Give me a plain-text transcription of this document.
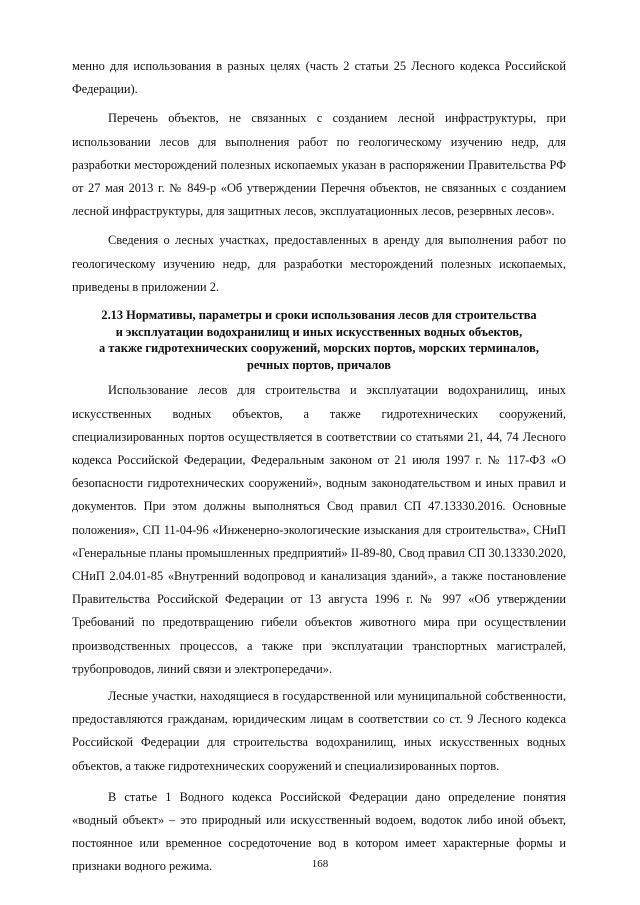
менно для использования в разных целях (часть 2 статьи 25 Лесного кодекса Российской Федерации).

Перечень объектов, не связанных с созданием лесной инфраструктуры, при использовании лесов для выполнения работ по геологическому изучению недр, для разработки месторождений полезных ископаемых указан в распоряжении Правительства РФ от 27 мая 2013 г. № 849-р «Об утверждении Перечня объектов, не связанных с созданием лесной инфраструктуры, для защитных лесов, эксплуатационных лесов, резервных лесов».

Сведения о лесных участках, предоставленных в аренду для выполнения работ по геологическому изучению недр, для разработки месторождений полезных ископаемых, приведены в приложении 2.

2.13 Нормативы, параметры и сроки использования лесов для строительства
и эксплуатации водохранилищ и иных искусственных водных объектов,
а также гидротехнических сооружений, морских портов, морских терминалов,
речных портов, причалов

Использование лесов для строительства и эксплуатации водохранилищ, иных искусственных водных объектов, а также гидротехнических сооружений, специализированных портов осуществляется в соответствии со статьями 21, 44, 74 Лесного кодекса Российской Федерации, Федеральным законом от 21 июля 1997 г. № 117-ФЗ «О безопасности гидротехнических сооружений», водным законодательством и иных правил и документов. При этом должны выполняться Свод правил СП 47.13330.2016. Основные положения», СП 11-04-96 «Инженерно-экологические изыскания для строительства», СНиП «Генеральные планы промышленных предприятий» II-89-80, Свод правил СП 30.13330.2020, СНиП 2.04.01-85 «Внутренний водопровод и канализация зданий», а также постановление Правительства Российской Федерации от 13 августа 1996 г. № 997 «Об утверждении Требований по предотвращению гибели объектов животного мира при осуществлении производственных процессов, а также при эксплуатации транспортных магистралей, трубопроводов, линий связи и электропередачи».

Лесные участки, находящиеся в государственной или муниципальной собственности, предоставляются гражданам, юридическим лицам в соответствии со ст. 9 Лесного кодекса Российской Федерации для строительства водохранилищ, иных искусственных водных объектов, а также гидротехнических сооружений и специализированных портов.

В статье 1 Водного кодекса Российской Федерации дано определение понятия «водный объект» – это природный или искусственный водоем, водоток либо иной объект, постоянное или временное сосредоточение вод в котором имеет характерные формы и признаки водного режима.	168
